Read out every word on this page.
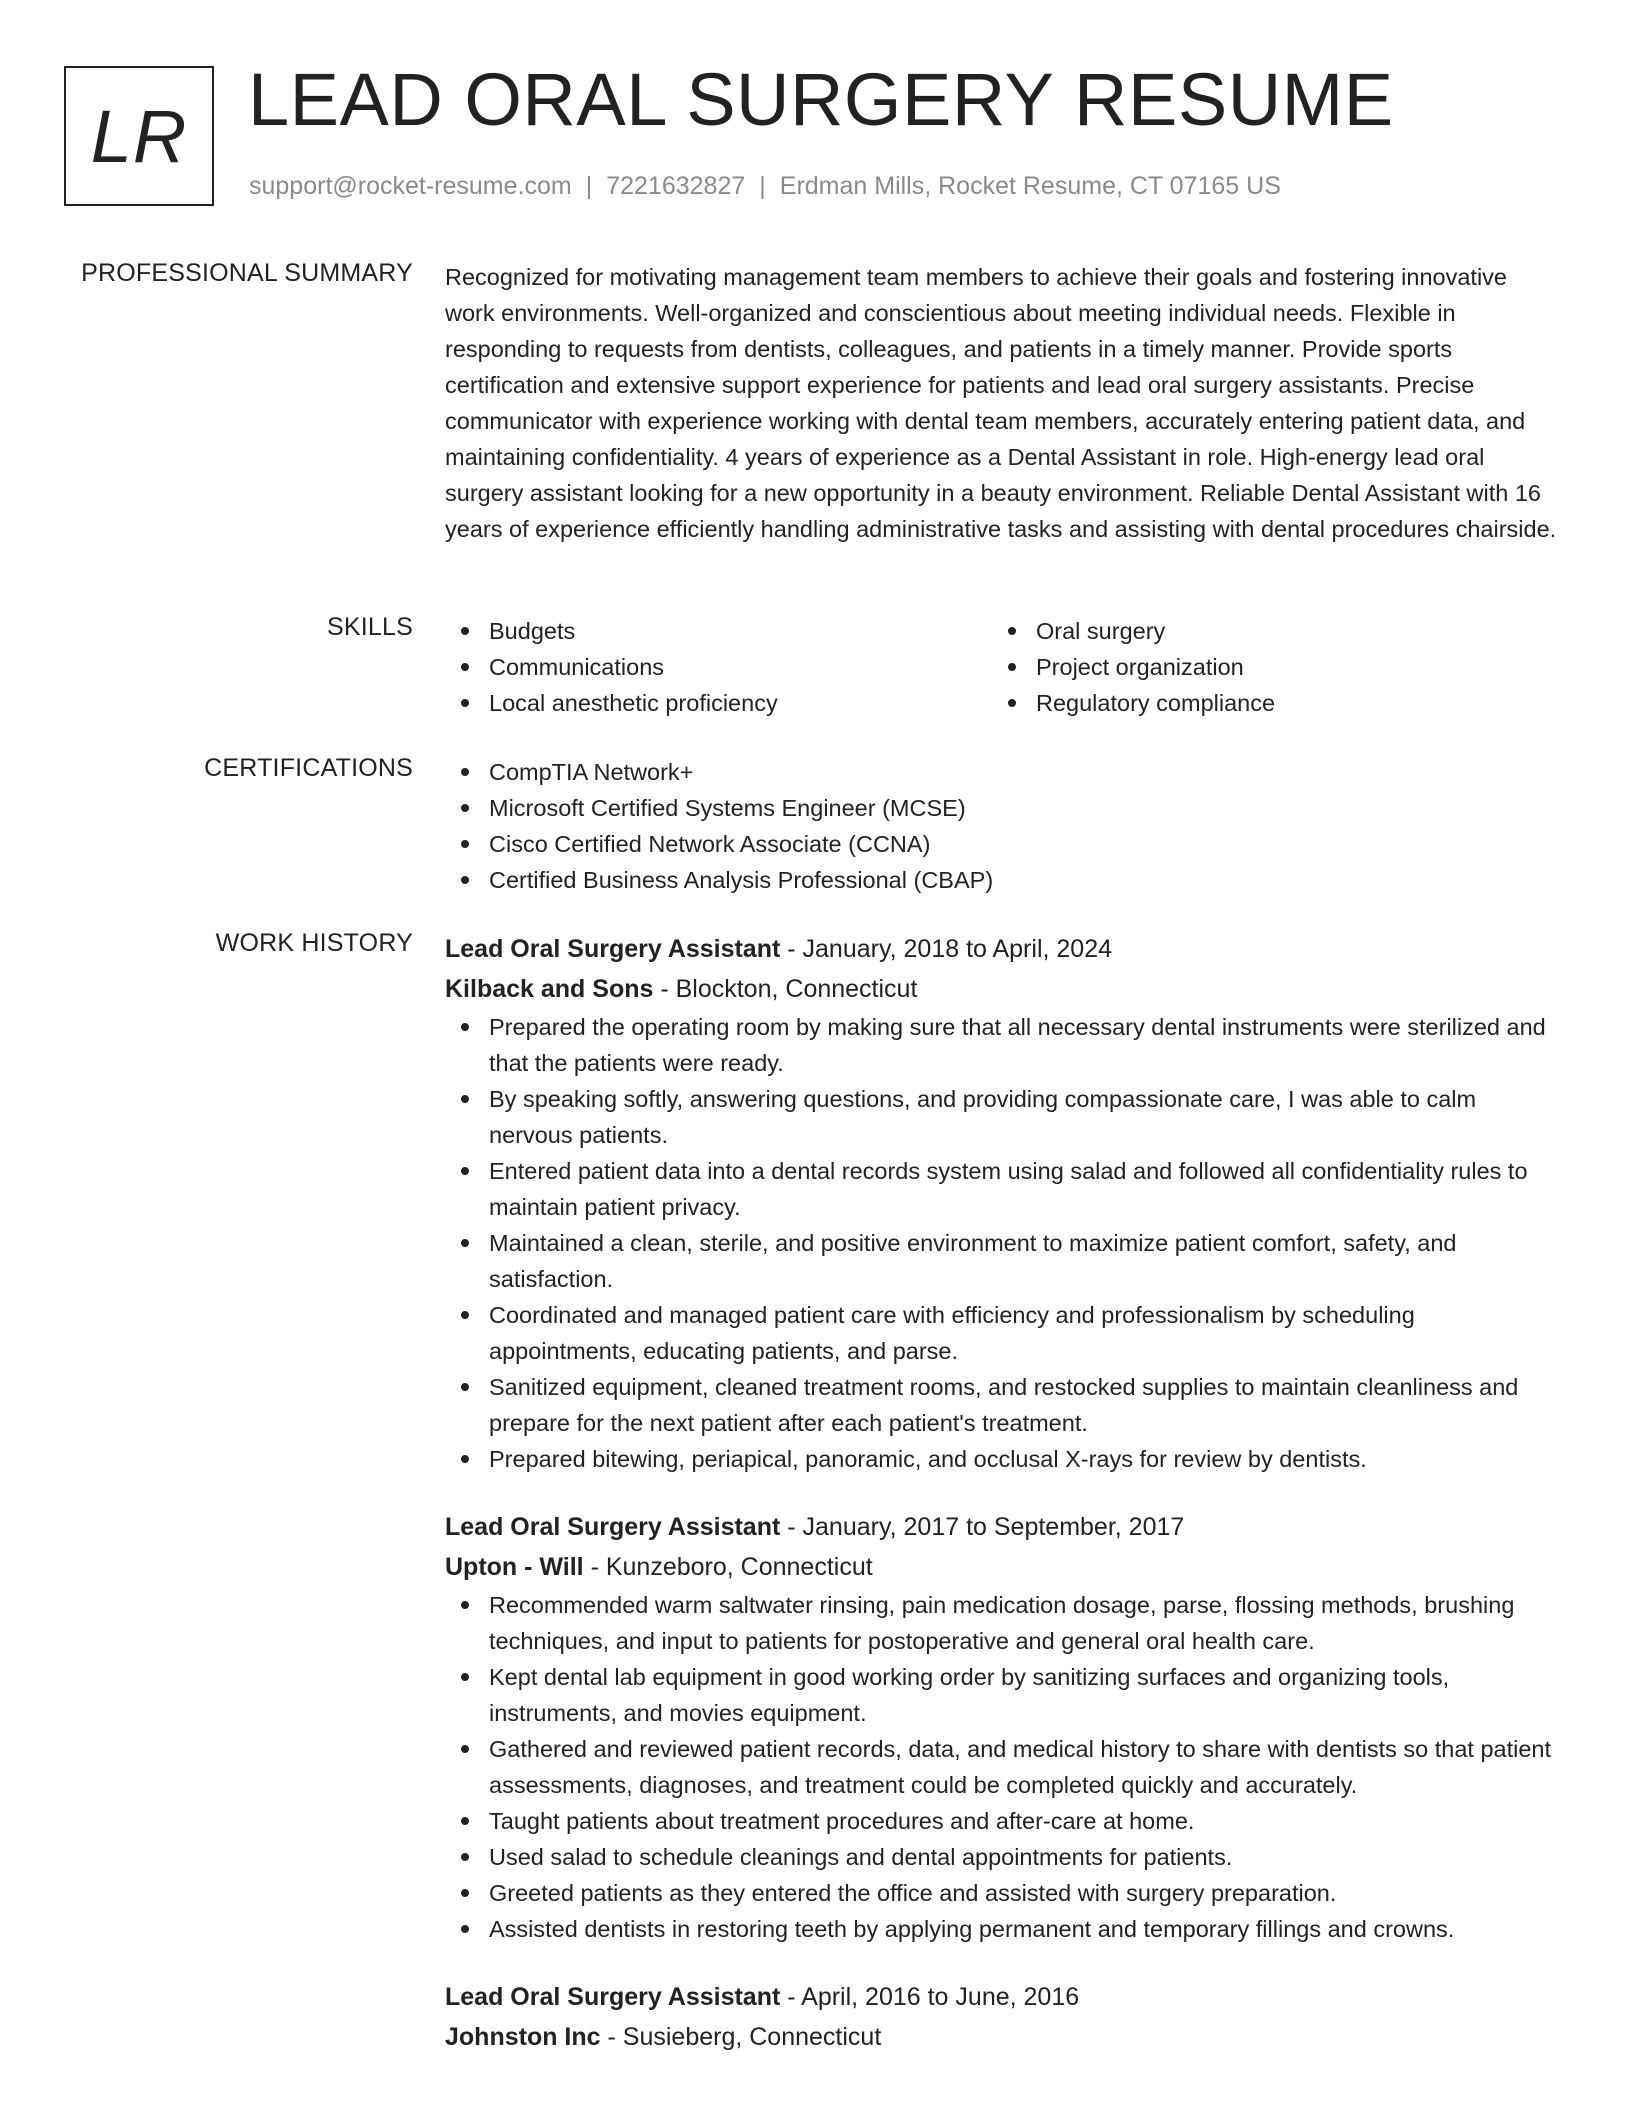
LR LEAD ORAL SURGERY RESUME
support@rocket-resume.com | 7221632827 | Erdman Mills, Rocket Resume, CT 07165 US
PROFESSIONAL SUMMARY Recognized for motivating management team members to achieve their goals and fostering innovative work environments. Well-organized and conscientious about meeting individual needs. Flexible in responding to requests from dentists, colleagues, and patients in a timely manner. Provide sports certification and extensive support experience for patients and lead oral surgery assistants. Precise communicator with experience working with dental team members, accurately entering patient data, and maintaining confidentiality. 4 years of experience as a Dental Assistant in role. High-energy lead oral surgery assistant looking for a new opportunity in a beauty environment. Reliable Dental Assistant with 16 years of experience efficiently handling administrative tasks and assisting with dental procedures chairside.

SKILLS	Budgets
Communications
Local anesthetic proficiency
Oral surgery
Project organization
Regulatory compliance
CERTIFICATIONS	CompTIA Network+
Microsoft Certified Systems Engineer (MCSE)
Cisco Certified Network Associate (CCNA)
Certified Business Analysis Professional (CBAP)
WORK HISTORY Lead Oral Surgery Assistant - January, 2018 to April, 2024
Kilback and Sons - Blockton, Connecticut
Prepared the operating room by making sure that all necessary dental instruments were sterilized and that the patients were ready.
By speaking softly, answering questions, and providing compassionate care, I was able to calm nervous patients.
Entered patient data into a dental records system using salad and followed all confidentiality rules to maintain patient privacy.
Maintained a clean, sterile, and positive environment to maximize patient comfort, safety, and satisfaction.
Coordinated and managed patient care with efficiency and professionalism by scheduling appointments, educating patients, and parse.
Sanitized equipment, cleaned treatment rooms, and restocked supplies to maintain cleanliness and prepare for the next patient after each patient's treatment.
Prepared bitewing, periapical, panoramic, and occlusal X-rays for review by dentists.
Lead Oral Surgery Assistant - January, 2017 to September, 2017
Upton - Will - Kunzeboro, Connecticut
Recommended warm saltwater rinsing, pain medication dosage, parse, flossing methods, brushing techniques, and input to patients for postoperative and general oral health care.
Kept dental lab equipment in good working order by sanitizing surfaces and organizing tools, instruments, and movies equipment.
Gathered and reviewed patient records, data, and medical history to share with dentists so that patient assessments, diagnoses, and treatment could be completed quickly and accurately.
Taught patients about treatment procedures and after-care at home.
Used salad to schedule cleanings and dental appointments for patients.
Greeted patients as they entered the office and assisted with surgery preparation.
Assisted dentists in restoring teeth by applying permanent and temporary fillings and crowns.
Lead Oral Surgery Assistant - April, 2016 to June, 2016
Johnston Inc - Susieberg, Connecticut
